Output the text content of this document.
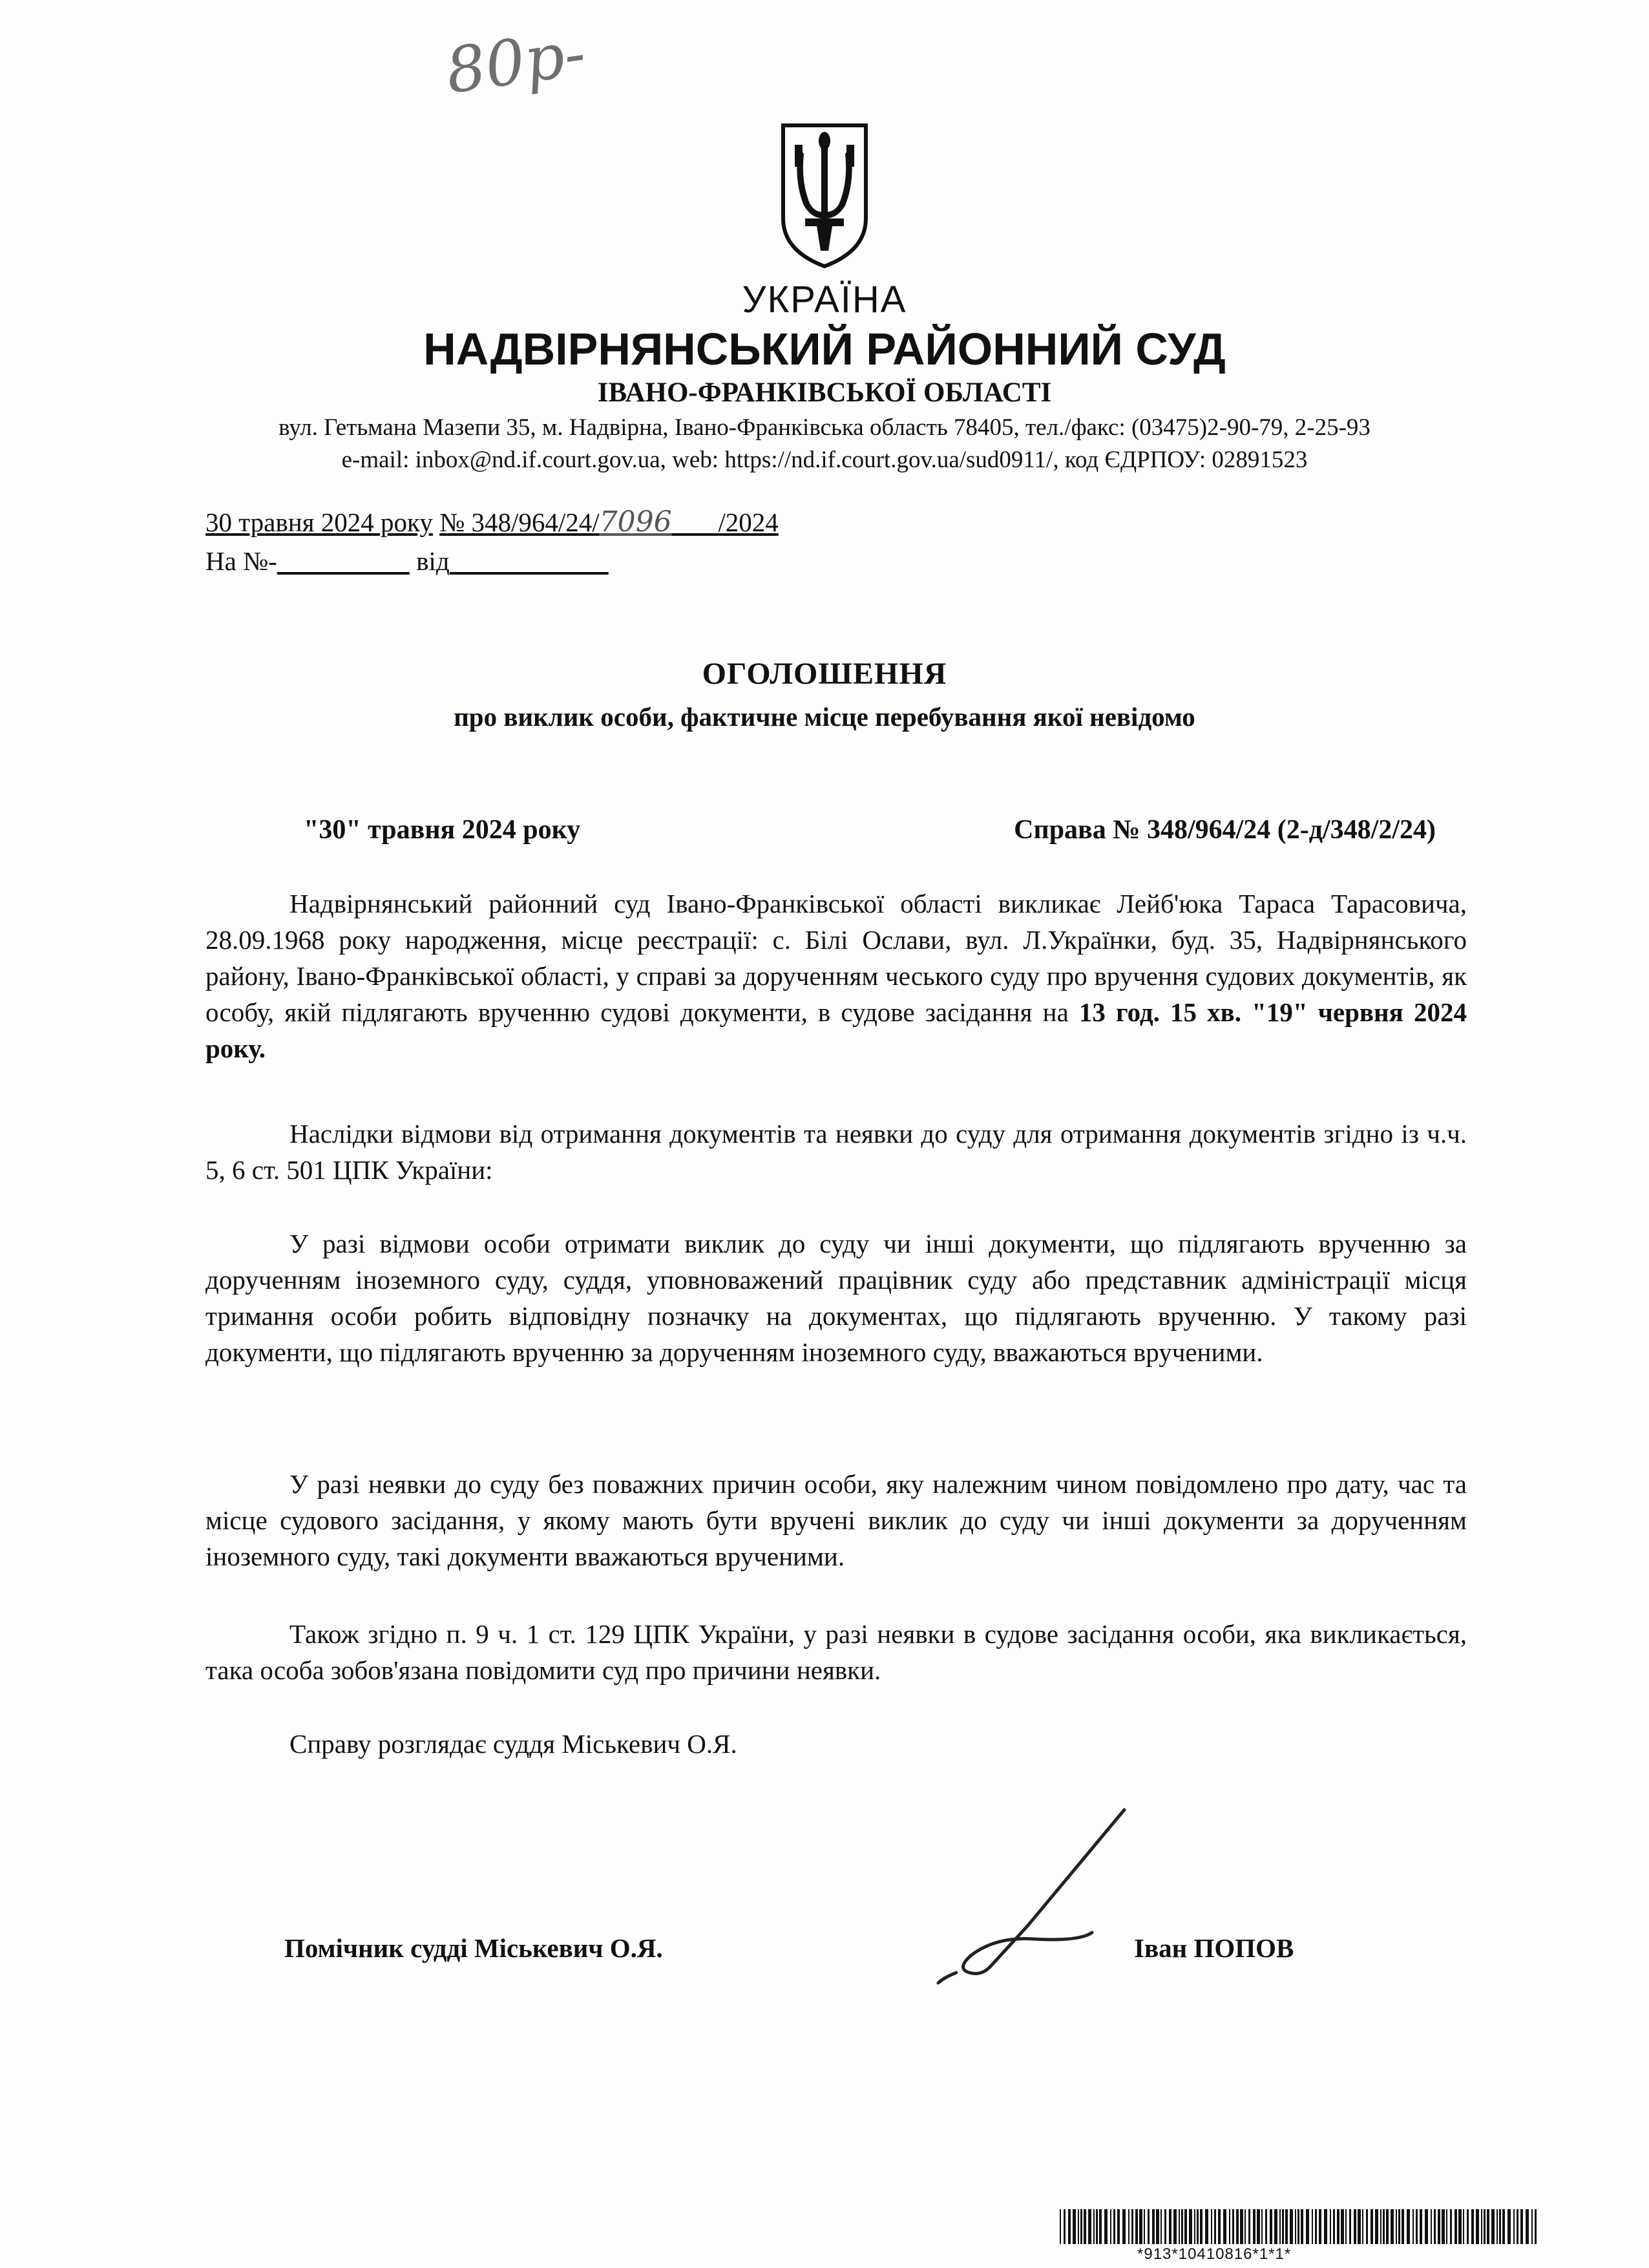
80р-
УКРАЇНА
НАДВІРНЯНСЬКИЙ РАЙОННИЙ СУД
ІВАНО-ФРАНКІВСЬКОЇ ОБЛАСТІ
вул. Гетьмана Мазепи 35, м. Надвірна, Івано-Франківська область 78405, тел./факс: (03475)2-90-79, 2-25-93
e-mail: inbox@nd.if.court.gov.ua, web: https://nd.if.court.gov.ua/sud0911/, код ЄДРПОУ: 02891523
30 травня 2024 року № 348/964/24/7096 /2024
На №-	від
ОГОЛОШЕННЯ
про виклик особи, фактичне місце перебування якої невідомо
"30" травня 2024 року	Справа № 348/964/24 (2-д/348/2/24)
Надвірнянський районний суд Івано-Франківської області викликає Лейб'юка Тараса Тарасовича, 28.09.1968 року народження, місце реєстрації: с. Білі Ослави, вул. Л.Українки, буд. 35, Надвірнянського району, Івано-Франківської області, у справі за дорученням чеського суду про вручення судових документів, як особу, якій підлягають врученню судові документи, в судове засідання на 13 год. 15 хв. "19" червня 2024 року.
Наслідки відмови від отримання документів та неявки до суду для отримання документів згідно із ч.ч. 5, 6 ст. 501 ЦПК України:
У разі відмови особи отримати виклик до суду чи інші документи, що підлягають врученню за дорученням іноземного суду, суддя, уповноважений працівник суду або представник адміністрації місця тримання особи робить відповідну позначку на документах, що підлягають врученню. У такому разі документи, що підлягають врученню за дорученням іноземного суду, вважаються врученими.
У разі неявки до суду без поважних причин особи, яку належним чином повідомлено про дату, час та місце судового засідання, у якому мають бути вручені виклик до суду чи інші документи за дорученням іноземного суду, такі документи вважаються врученими.
Також згідно п. 9 ч. 1 ст. 129 ЦПК України, у разі неявки в судове засідання особи, яка викликається, така особа зобов'язана повідомити суд про причини неявки.
Справу розглядає суддя Міськевич О.Я.
Помічник судді Міськевич О.Я.	Іван ПОПОВ
*913*10410816*1*1*
